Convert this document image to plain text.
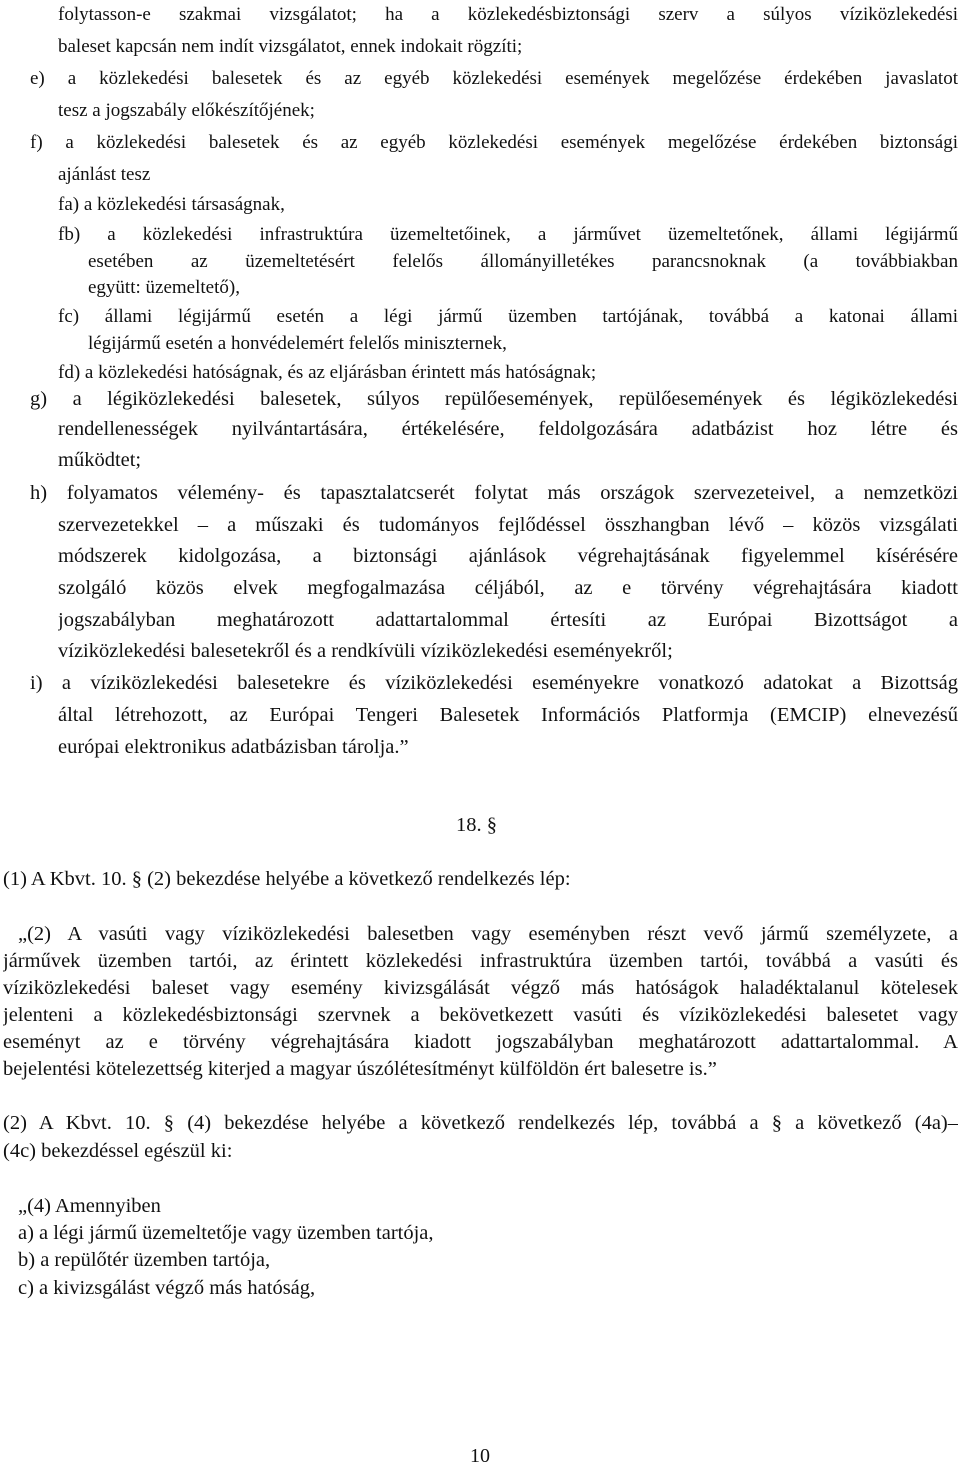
folytasson-e szakmai vizsgálatot; ha a közlekedésbiztonsági szerv a súlyos víziközlekedési
baleset kapcsán nem indít vizsgálatot, ennek indokait rögzíti;
e) a közlekedési balesetek és az egyéb közlekedési események megelőzése érdekében javaslatot
tesz a jogszabály előkészítőjének;
f) a közlekedési balesetek és az egyéb közlekedési események megelőzése érdekében biztonsági
ajánlást tesz
fa) a közlekedési társaságnak,
fb) a közlekedési infrastruktúra üzemeltetőinek, a járművet üzemeltetőnek, állami légijármű
esetében az üzemeltetésért felelős állományilletékes parancsnoknak (a továbbiakban
együtt: üzemeltető),
fc) állami légijármű esetén a légi jármű üzemben tartójának, továbbá a katonai állami
légijármű esetén a honvédelemért felelős miniszternek,
fd) a közlekedési hatóságnak, és az eljárásban érintett más hatóságnak;
g) a légiközlekedési balesetek, súlyos repülőesemények, repülőesemények és légiközlekedési
rendellenességek nyilvántartására, értékelésére, feldolgozására adatbázist hoz létre és
működtet;
h) folyamatos vélemény- és tapasztalatcserét folytat más országok szervezeteivel, a nemzetközi
szervezetekkel – a műszaki és tudományos fejlődéssel összhangban lévő – közös vizsgálati
módszerek kidolgozása, a biztonsági ajánlások végrehajtásának figyelemmel kísérésére
szolgáló közös elvek megfogalmazása céljából, az e törvény végrehajtására kiadott
jogszabályban meghatározott adattartalommal értesíti az Európai Bizottságot a
víziközlekedési balesetekről és a rendkívüli víziközlekedési eseményekről;
i) a víziközlekedési balesetekre és víziközlekedési eseményekre vonatkozó adatokat a Bizottság
által létrehozott, az Európai Tengeri Balesetek Információs Platformja (EMCIP) elnevezésű
európai elektronikus adatbázisban tárolja.”
18. §
(1) A Kbvt. 10. § (2) bekezdése helyébe a következő rendelkezés lép:
„(2) A vasúti vagy víziközlekedési balesetben vagy eseményben részt vevő jármű személyzete, a
járművek üzemben tartói, az érintett közlekedési infrastruktúra üzemben tartói, továbbá a vasúti és
víziközlekedési baleset vagy esemény kivizsgálását végző más hatóságok haladéktalanul kötelesek
jelenteni a közlekedésbiztonsági szervnek a bekövetkezett vasúti és víziközlekedési balesetet vagy
eseményt az e törvény végrehajtására kiadott jogszabályban meghatározott adattartalommal. A
bejelentési kötelezettség kiterjed a magyar úszólétesítményt külföldön ért balesetre is.”
(2) A Kbvt. 10. § (4) bekezdése helyébe a következő rendelkezés lép, továbbá a § a következő (4a)–
(4c) bekezdéssel egészül ki:
„(4) Amennyiben
a) a légi jármű üzemeltetője vagy üzemben tartója,
b) a repülőtér üzemben tartója,
c) a kivizsgálást végző más hatóság,
10
